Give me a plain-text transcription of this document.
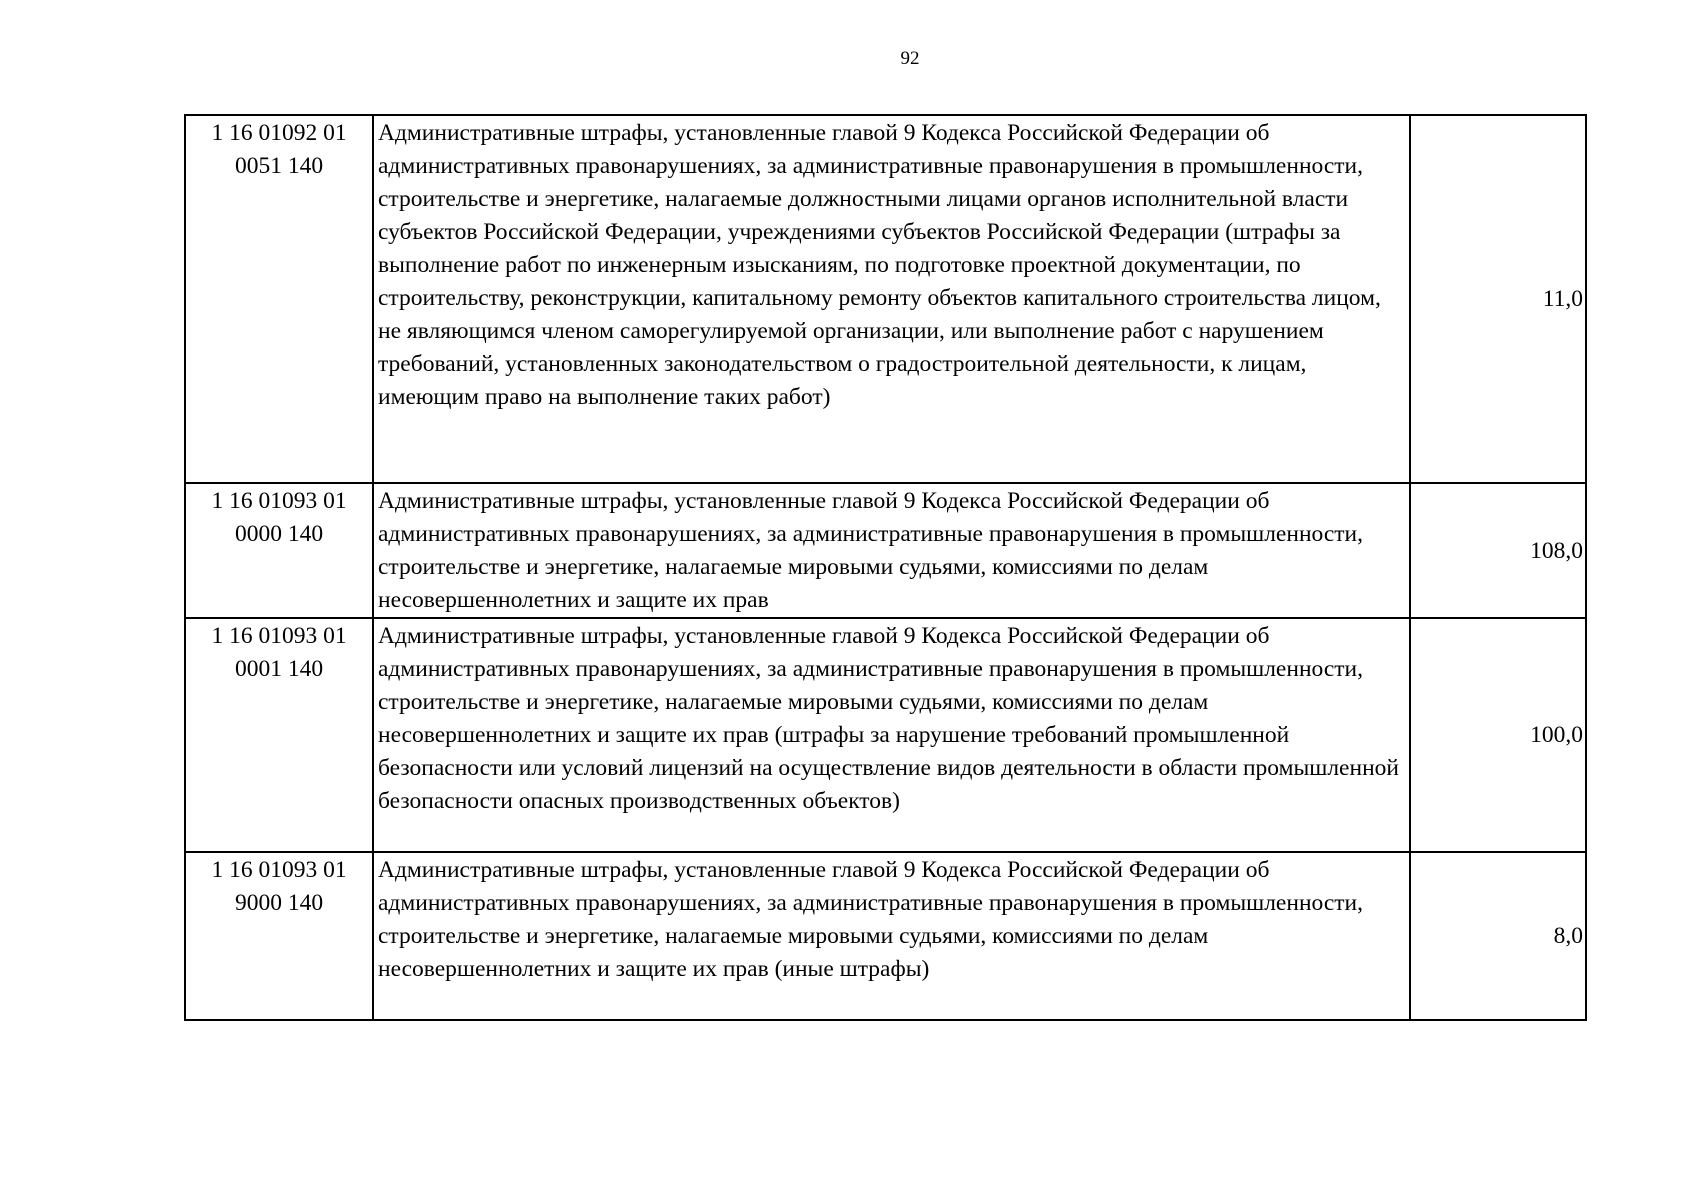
92
1 16 01092 01
0051 140	Административные штрафы, установленные главой 9 Кодекса Российской Федерации об административных правонарушениях, за административные правонарушения в промышленности, строительстве и энергетике, налагаемые должностными лицами органов исполнительной власти субъектов Российской Федерации, учреждениями субъектов Российской Федерации (штрафы за выполнение работ по инженерным изысканиям, по подготовке проектной документации, по строительству, реконструкции, капитальному ремонту объектов капитального строительства лицом, не являющимся членом саморегулируемой организации, или выполнение работ с нарушением требований, установленных законодательством о градостроительной деятельности, к лицам, имеющим право на выполнение таких работ)	11,0

1 16 01093 01
0000 140	Административные штрафы, установленные главой 9 Кодекса Российской Федерации об административных правонарушениях, за административные правонарушения в промышленности, строительстве и энергетике, налагаемые мировыми судьями, комиссиями по делам несовершеннолетних и защите их прав	108,0

1 16 01093 01
0001 140	Административные штрафы, установленные главой 9 Кодекса Российской Федерации об административных правонарушениях, за административные правонарушения в промышленности, строительстве и энергетике, налагаемые мировыми судьями, комиссиями по делам несовершеннолетних и защите их прав (штрафы за нарушение требований промышленной безопасности или условий лицензий на осуществление видов деятельности в области промышленной безопасности опасных производственных объектов)	100,0

1 16 01093 01
9000 140	Административные штрафы, установленные главой 9 Кодекса Российской Федерации об административных правонарушениях, за административные правонарушения в промышленности, строительстве и энергетике, налагаемые мировыми судьями, комиссиями по делам несовершеннолетних и защите их прав (иные штрафы)	8,0
